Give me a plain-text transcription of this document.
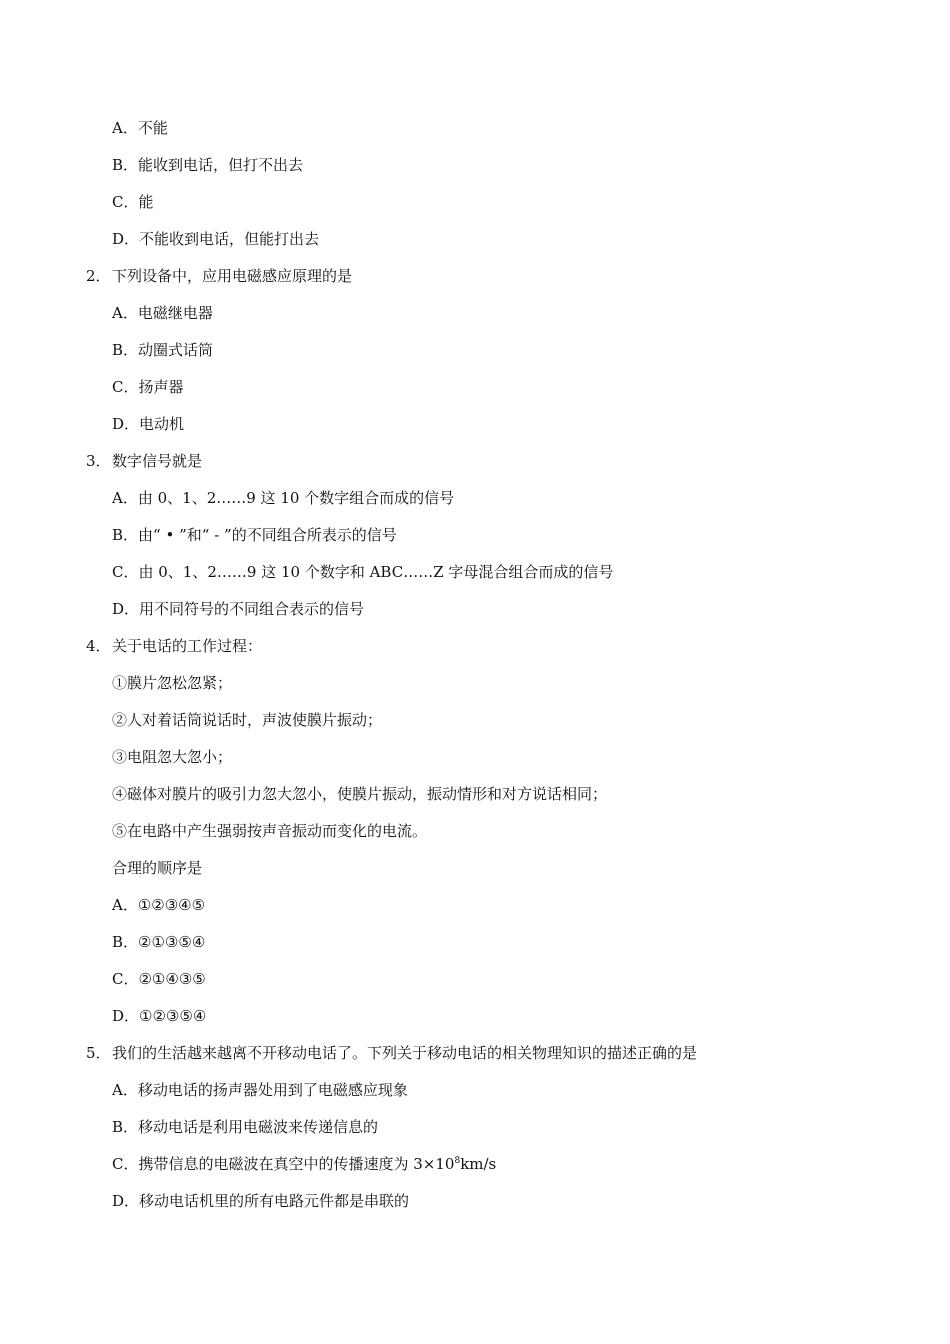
A．不能
B．能收到电话，但打不出去
C．能
D．不能收到电话，但能打出去
2．下列设备中，应用电磁感应原理的是
A．电磁继电器
B．动圈式话筒
C．扬声器
D．电动机
3．数字信号就是
A．由 0、1、2……9 这 10 个数字组合而成的信号
B．由“ • ”和“ - ”的不同组合所表示的信号
C．由 0、1、2……9 这 10 个数字和 ABC……Z 字母混合组合而成的信号
D．用不同符号的不同组合表示的信号
4．关于电话的工作过程：
①膜片忽松忽紧；
②人对着话筒说话时，声波使膜片振动；
③电阻忽大忽小；
④磁体对膜片的吸引力忽大忽小，使膜片振动，振动情形和对方说话相同；
⑤在电路中产生强弱按声音振动而变化的电流。
合理的顺序是
A．①②③④⑤
B．②①③⑤④
C．②①④③⑤
D．①②③⑤④
5．我们的生活越来越离不开移动电话了。下列关于移动电话的相关物理知识的描述正确的是
A．移动电话的扬声器处用到了电磁感应现象
B．移动电话是利用电磁波来传递信息的
C．携带信息的电磁波在真空中的传播速度为 $3\times 10^8km/s$
D．移动电话机里的所有电路元件都是串联的
